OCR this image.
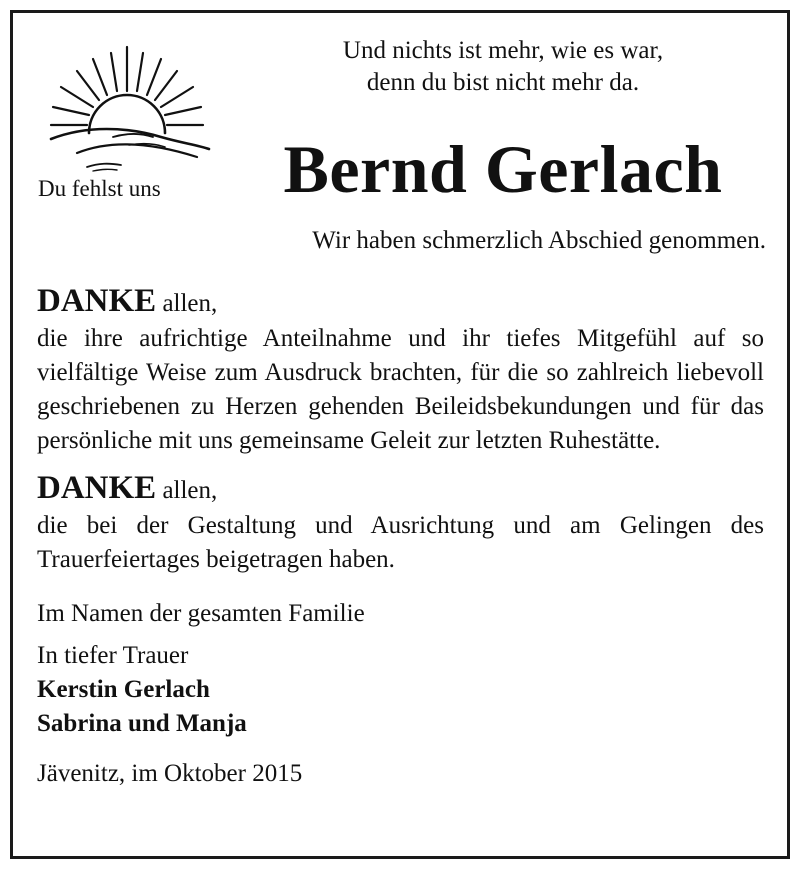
Du fehlst uns
Und nichts ist mehr, wie es war,
denn du bist nicht mehr da.
Bernd Gerlach
Wir haben schmerzlich Abschied genommen.

DANKE allen,

die ihre aufrichtige Anteilnahme und ihr tiefes Mitgefühl auf so vielfältige Weise zum Ausdruck brachten, für die so zahlreich liebevoll geschriebenen zu Herzen gehenden Beileidsbekundungen und für das persönliche mit uns gemeinsame Geleit zur letzten Ruhestätte.

DANKE allen,

die bei der Gestaltung und Ausrichtung und am Gelingen des Trauerfeiertages beigetragen haben.

Im Namen der gesamten Familie
In tiefer Trauer
Kerstin Gerlach
Sabrina und Manja
Jävenitz, im Oktober 2015
